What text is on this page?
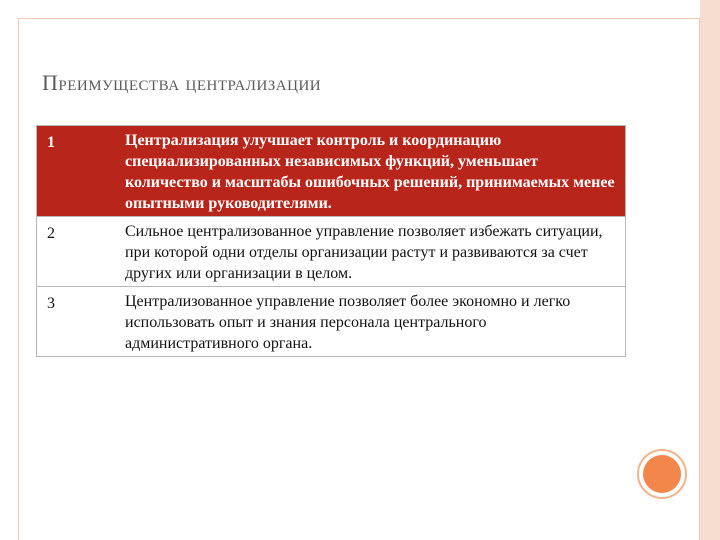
Преимущества централизации
1	Централизация улучшает контроль и координацию специализированных независимых функций, уменьшает количество и масштабы ошибочных решений, принимаемых менее опытными руководителями.
2	Сильное централизованное управление позволяет избежать ситуации, при которой одни отделы организации растут и развиваются за счет других или организации в целом.
3	Централизованное управление позволяет более экономно и легко использовать опыт и знания персонала центрального административного органа.
